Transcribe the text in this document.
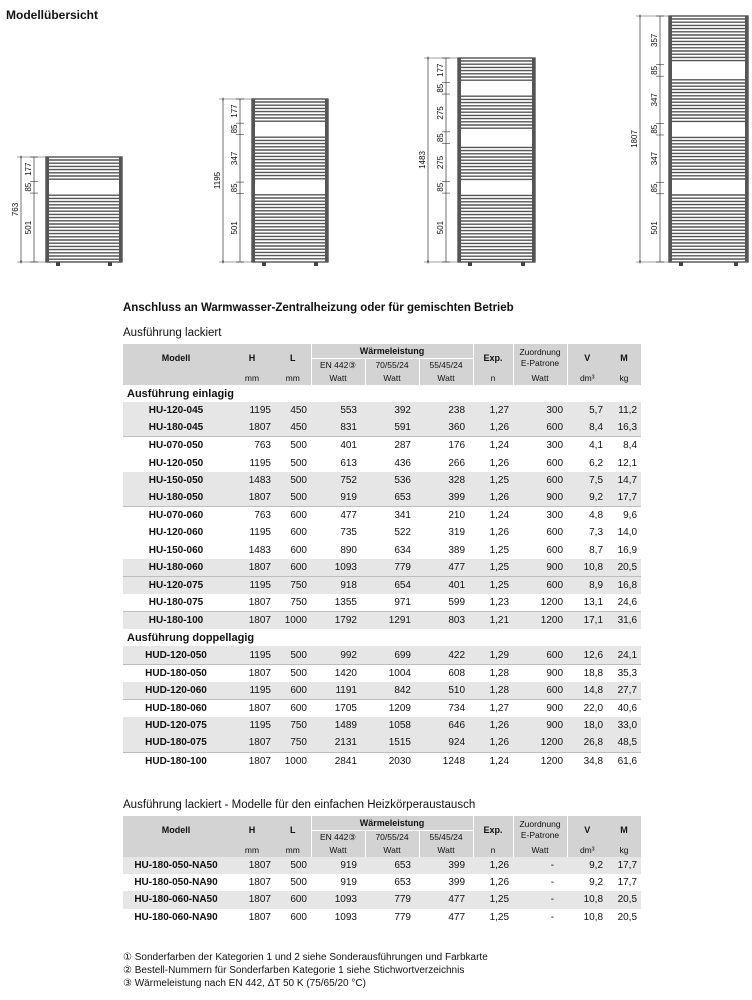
Modellübersicht
763
177
85
501
1195
177
85
347
85
501
1483
177
85
275
85
275
85
501
1807
357
85
347
85
347
85
501
Anschluss an Warmwasser-Zentralheizung oder für gemischten Betrieb
Ausführung lackiert
Modell	H	L	Wärmeleistung			Exp.	Zuordnung
E-Patrone	V	M
			EN 442③	70/55/24	55/45/24				
	mm	mm	Watt	Watt	Watt	n	Watt	dm³	kg
Ausführung einlagig									
HU-120-045	1195	450	553	392	238	1,27	300	5,7	11,2
HU-180-045	1807	450	831	591	360	1,26	600	8,4	16,3
HU-070-050	763	500	401	287	176	1,24	300	4,1	8,4
HU-120-050	1195	500	613	436	266	1,26	600	6,2	12,1
HU-150-050	1483	500	752	536	328	1,25	600	7,5	14,7
HU-180-050	1807	500	919	653	399	1,26	900	9,2	17,7
HU-070-060	763	600	477	341	210	1,24	300	4,8	9,6
HU-120-060	1195	600	735	522	319	1,26	600	7,3	14,0
HU-150-060	1483	600	890	634	389	1,25	600	8,7	16,9
HU-180-060	1807	600	1093	779	477	1,25	900	10,8	20,5
HU-120-075	1195	750	918	654	401	1,25	600	8,9	16,8
HU-180-075	1807	750	1355	971	599	1,23	1200	13,1	24,6
HU-180-100	1807	1000	1792	1291	803	1,21	1200	17,1	31,6
Ausführung doppellagig									
HUD-120-050	1195	500	992	699	422	1,29	600	12,6	24,1
HUD-180-050	1807	500	1420	1004	608	1,28	900	18,8	35,3
HUD-120-060	1195	600	1191	842	510	1,28	600	14,8	27,7
HUD-180-060	1807	600	1705	1209	734	1,27	900	22,0	40,6
HUD-120-075	1195	750	1489	1058	646	1,26	900	18,0	33,0
HUD-180-075	1807	750	2131	1515	924	1,26	1200	26,8	48,5
HUD-180-100	1807	1000	2841	2030	1248	1,24	1200	34,8	61,6
Ausführung lackiert - Modelle für den einfachen Heizkörperaustausch
Modell	H	L	Wärmeleistung			Exp.	Zuordnung
E-Patrone	V	M
			EN 442③	70/55/24	55/45/24				
	mm	mm	Watt	Watt	Watt	n	Watt	dm³	kg
HU-180-050-NA50	1807	500	919	653	399	1,26	-	9,2	17,7
HU-180-050-NA90	1807	500	919	653	399	1,26	-	9,2	17,7
HU-180-060-NA50	1807	600	1093	779	477	1,25	-	10,8	20,5
HU-180-060-NA90	1807	600	1093	779	477	1,25	-	10,8	20,5
① Sonderfarben der Kategorien 1 und 2 siehe Sonderausführungen und Farbkarte
② Bestell-Nummern für Sonderfarben Kategorie 1 siehe Stichwortverzeichnis
③ Wärmeleistung nach EN 442, ΔT 50 K (75/65/20 °C)
